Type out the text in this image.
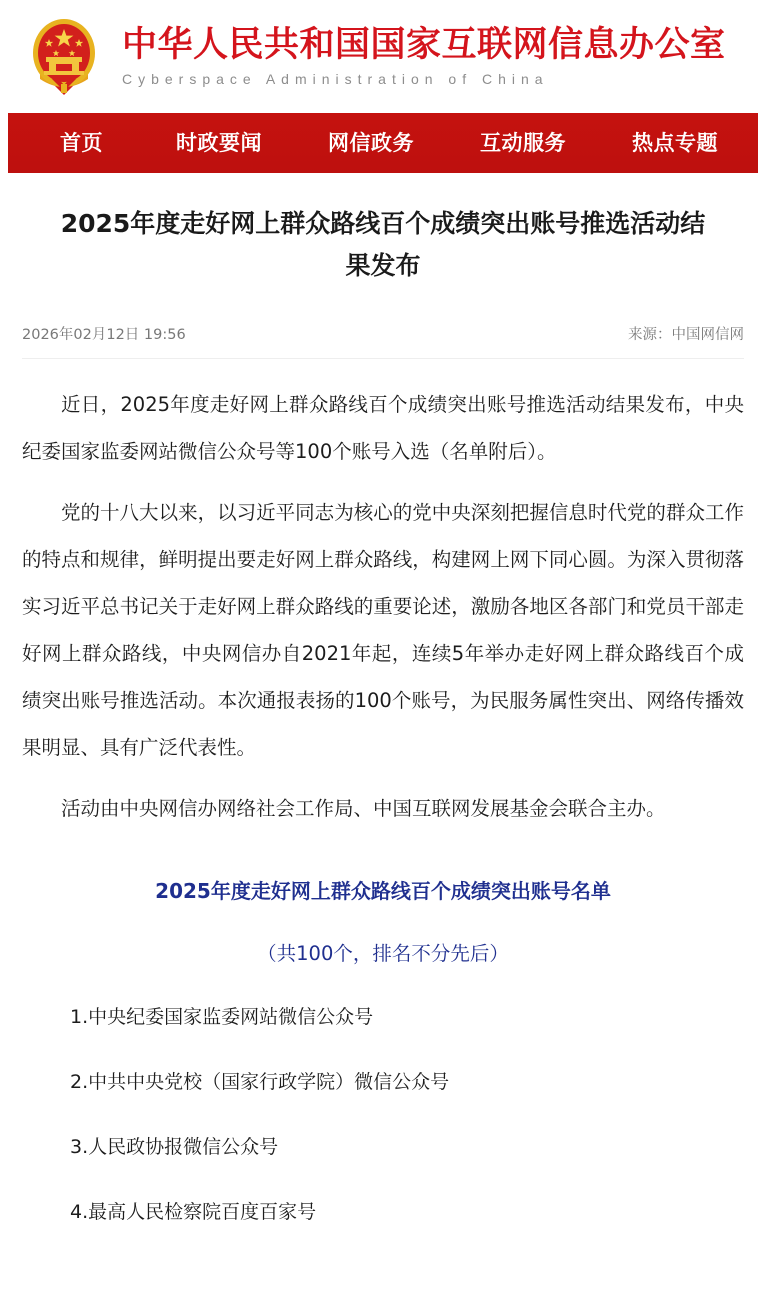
中华人民共和国国家互联网信息办公室
Cyberspace Administration of China
首页	时政要闻	网信政务	互动服务	热点专题
2025年度走好网上群众路线百个成绩突出账号推选活动结果发布
2026年02月12日 19:56	来源：中国网信网

近日，2025年度走好网上群众路线百个成绩突出账号推选活动结果发布，中央纪委国家监委网站微信公众号等100个账号入选（名单附后）。

党的十八大以来，以习近平同志为核心的党中央深刻把握信息时代党的群众工作的特点和规律，鲜明提出要走好网上群众路线，构建网上网下同心圆。为深入贯彻落实习近平总书记关于走好网上群众路线的重要论述，激励各地区各部门和党员干部走好网上群众路线，中央网信办自2021年起，连续5年举办走好网上群众路线百个成绩突出账号推选活动。本次通报表扬的100个账号，为民服务属性突出、网络传播效果明显、具有广泛代表性。

活动由中央网信办网络社会工作局、中国互联网发展基金会联合主办。

2025年度走好网上群众路线百个成绩突出账号名单
（共100个，排名不分先后）
1.中央纪委国家监委网站微信公众号
2.中共中央党校（国家行政学院）微信公众号
3.人民政协报微信公众号
4.最高人民检察院百度百家号
